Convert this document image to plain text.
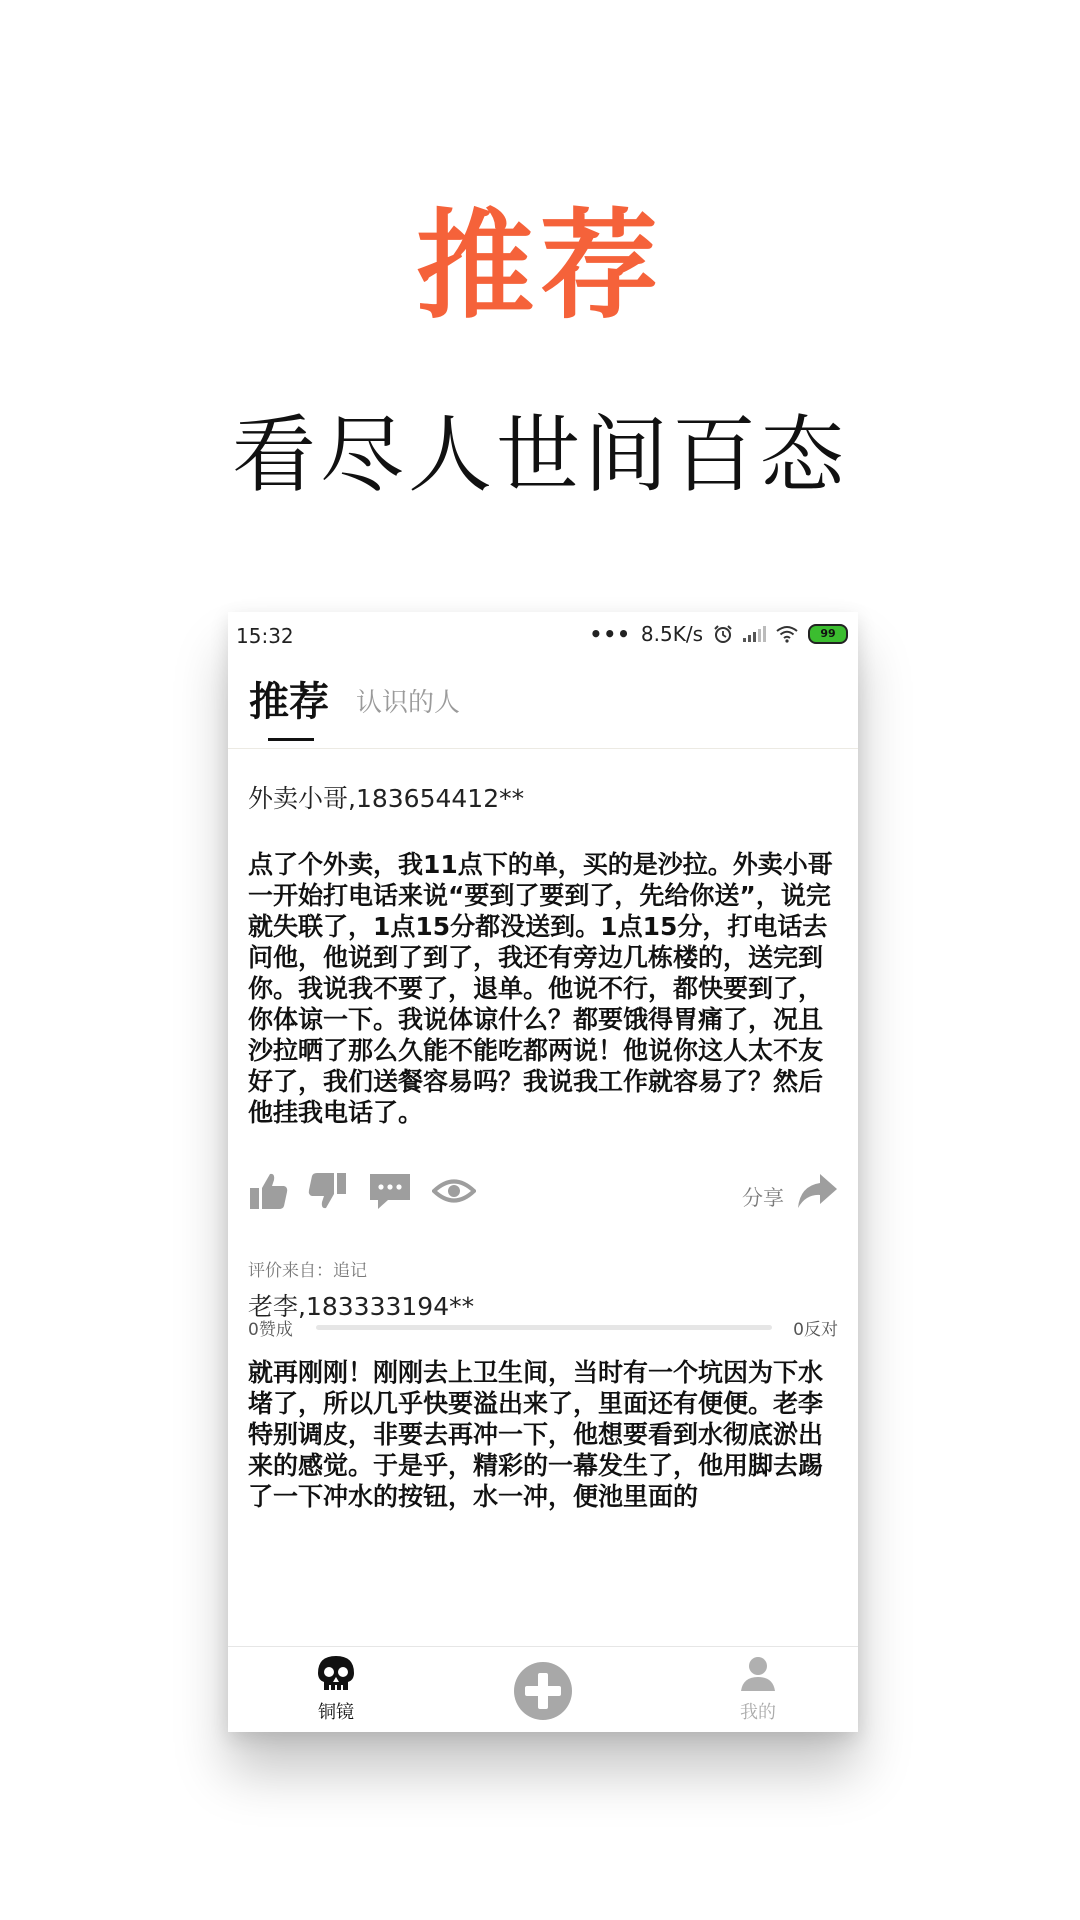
推荐
看尽人世间百态
15:32	••• 8.5K/s	99
推荐 认识的人
外卖小哥,183654412**
点了个外卖，我11点下的单，买的是沙拉。外卖小哥一开始打电话来说“要到了要到了，先给你送”，说完就失联了，1点15分都没送到。1点15分，打电话去问他，他说到了到了，我还有旁边几栋楼的，送完到你。我说我不要了，退单。他说不行，都快要到了，你体谅一下。我说体谅什么？都要饿得胃痛了，况且沙拉晒了那么久能不能吃都两说！他说你这人太不友好了，我们送餐容易吗？我说我工作就容易了？然后他挂我电话了。
分享
评价来自：追记
0赞成	0反对
老李,183333194**
就再刚刚！刚刚去上卫生间，当时有一个坑因为下水堵了，所以几乎快要溢出来了，里面还有便便。老李特别调皮，非要去再冲一下，他想要看到水彻底淤出来的感觉。于是乎，精彩的一幕发生了，他用脚去踢了一下冲水的按钮，水一冲，便池里面的
铜镜	我的
